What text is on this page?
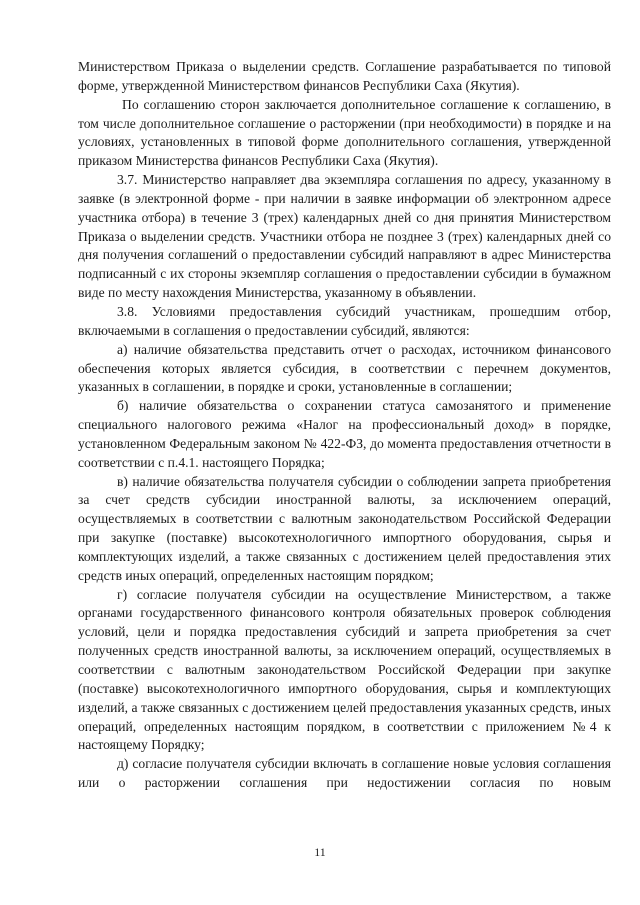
Министерством Приказа о выделении средств. Соглашение разрабатывается по типовой форме, утвержденной Министерством финансов Республики Саха (Якутия).

По соглашению сторон заключается дополнительное соглашение к соглашению, в том числе дополнительное соглашение о расторжении (при необходимости) в порядке и на условиях, установленных в типовой форме дополнительного соглашения, утвержденной приказом Министерства финансов Республики Саха (Якутия).

3.7. Министерство направляет два экземпляра соглашения по адресу, указанному в заявке (в электронной форме - при наличии в заявке информации об электронном адресе участника отбора) в течение 3 (трех) календарных дней со дня принятия Министерством Приказа о выделении средств. Участники отбора не позднее 3 (трех) календарных дней со дня получения соглашений о предоставлении субсидий направляют в адрес Министерства подписанный с их стороны экземпляр соглашения о предоставлении субсидии в бумажном виде по месту нахождения Министерства, указанному в объявлении.

3.8. Условиями предоставления субсидий участникам, прошедшим отбор, включаемыми в соглашения о предоставлении субсидий, являются:

а) наличие обязательства представить отчет о расходах, источником финансового обеспечения которых является субсидия, в соответствии с перечнем документов, указанных в соглашении, в порядке и сроки, установленные в соглашении;

б) наличие обязательства о сохранении статуса самозанятого и применение специального налогового режима «Налог на профессиональный доход» в порядке, установленном Федеральным законом № 422-ФЗ, до момента предоставления отчетности в соответствии с п.4.1. настоящего Порядка;

в) наличие обязательства получателя субсидии о соблюдении запрета приобретения за счет средств субсидии иностранной валюты, за исключением операций, осуществляемых в соответствии с валютным законодательством Российской Федерации при закупке (поставке) высокотехнологичного импортного оборудования, сырья и комплектующих изделий, а также связанных с достижением целей предоставления этих средств иных операций, определенных настоящим порядком;

г) согласие получателя субсидии на осуществление Министерством, а также органами государственного финансового контроля обязательных проверок соблюдения условий, цели и порядка предоставления субсидий и запрета приобретения за счет полученных средств иностранной валюты, за исключением операций, осуществляемых в соответствии с валютным законодательством Российской Федерации при закупке (поставке) высокотехнологичного импортного оборудования, сырья и комплектующих изделий, а также связанных с достижением целей предоставления указанных средств, иных операций, определенных настоящим порядком, в соответствии с приложением №4 к настоящему Порядку;

д) согласие получателя субсидии включать в соглашение новые условия соглашения или о расторжении соглашения при недостижении согласия по новым

11
